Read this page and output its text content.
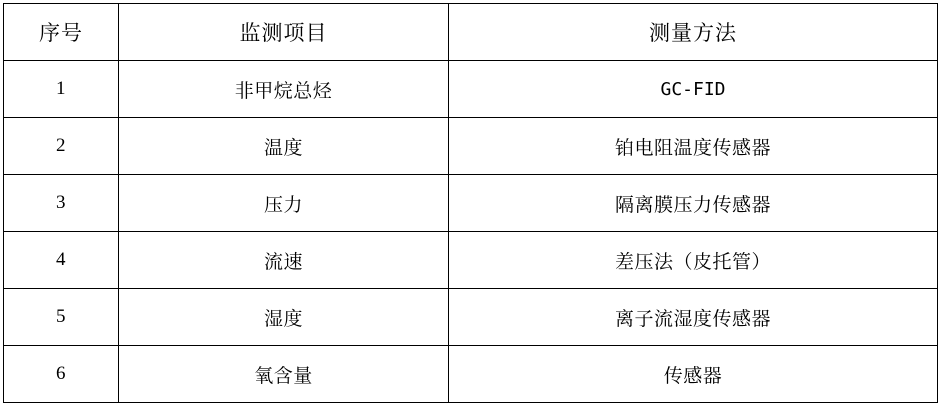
序号	监测项目	测量方法
1	非甲烷总烃	GC-FID
2	温度	铂电阻温度传感器
3	压力	隔离膜压力传感器
4	流速	差压法（皮托管）
5	湿度	离子流湿度传感器
6	氧含量	传感器
